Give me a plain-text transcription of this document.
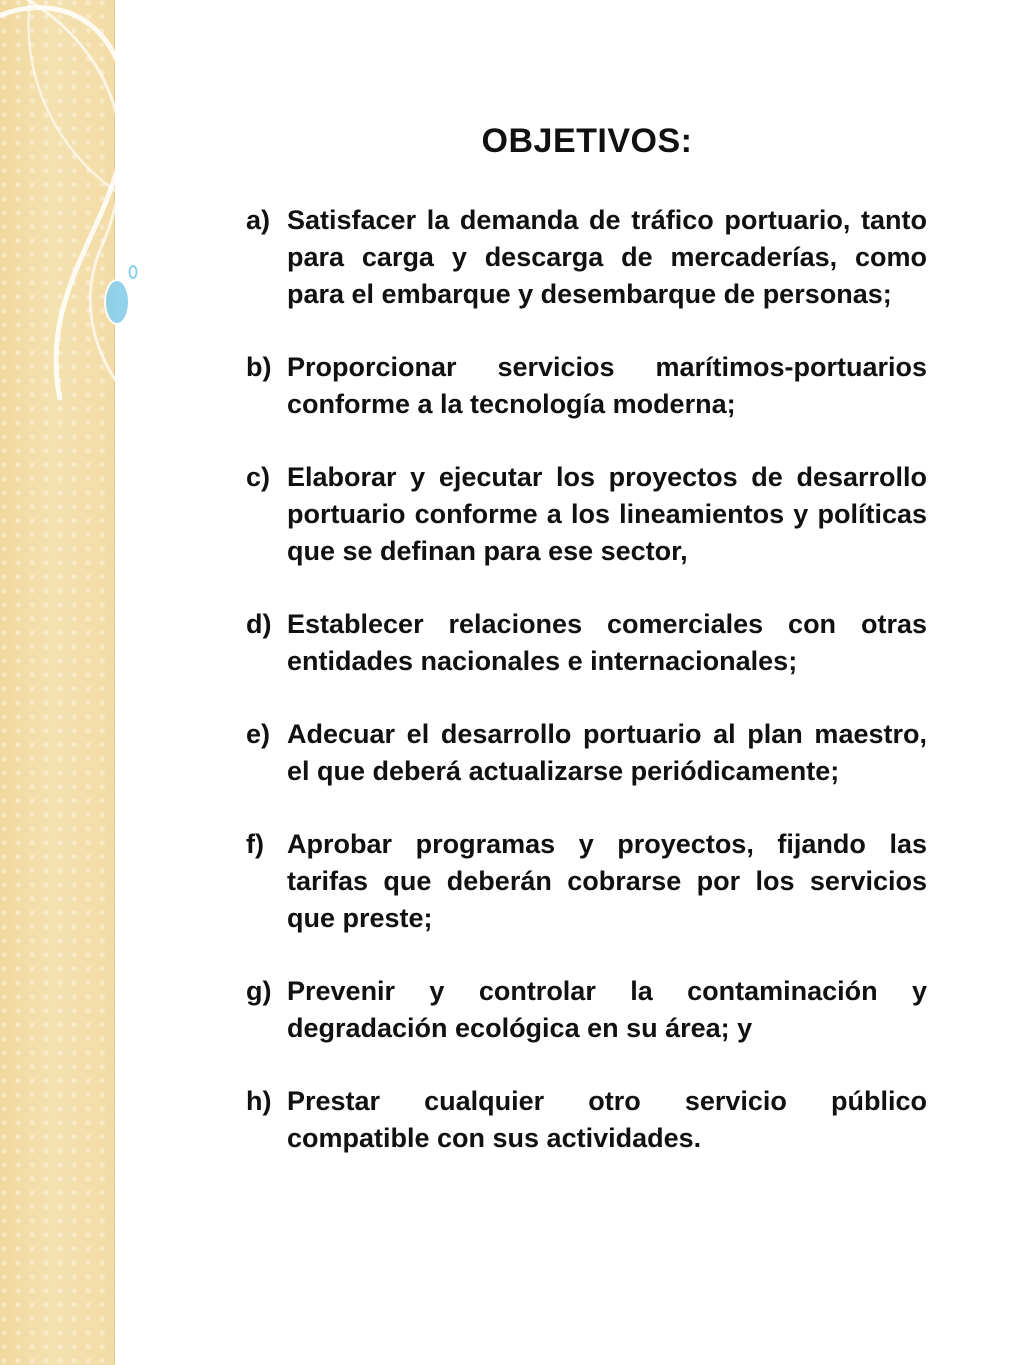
OBJETIVOS:
a) Satisfacer la demanda de tráfico portuario, tanto para carga y descarga de mercaderías, como para el embarque y desembarque de personas;
b) Proporcionar servicios marítimos-portuarios conforme a la tecnología moderna;
c) Elaborar y ejecutar los proyectos de desarrollo portuario conforme a los lineamientos y políticas que se definan para ese sector,
d) Establecer relaciones comerciales con otras entidades nacionales e internacionales;
e) Adecuar el desarrollo portuario al plan maestro, el que deberá actualizarse periódicamente;
f) Aprobar programas y proyectos, fijando las tarifas que deberán cobrarse por los servicios que preste;
g) Prevenir y controlar la contaminación y degradación ecológica en su área; y
h) Prestar cualquier otro servicio público compatible con sus actividades.
